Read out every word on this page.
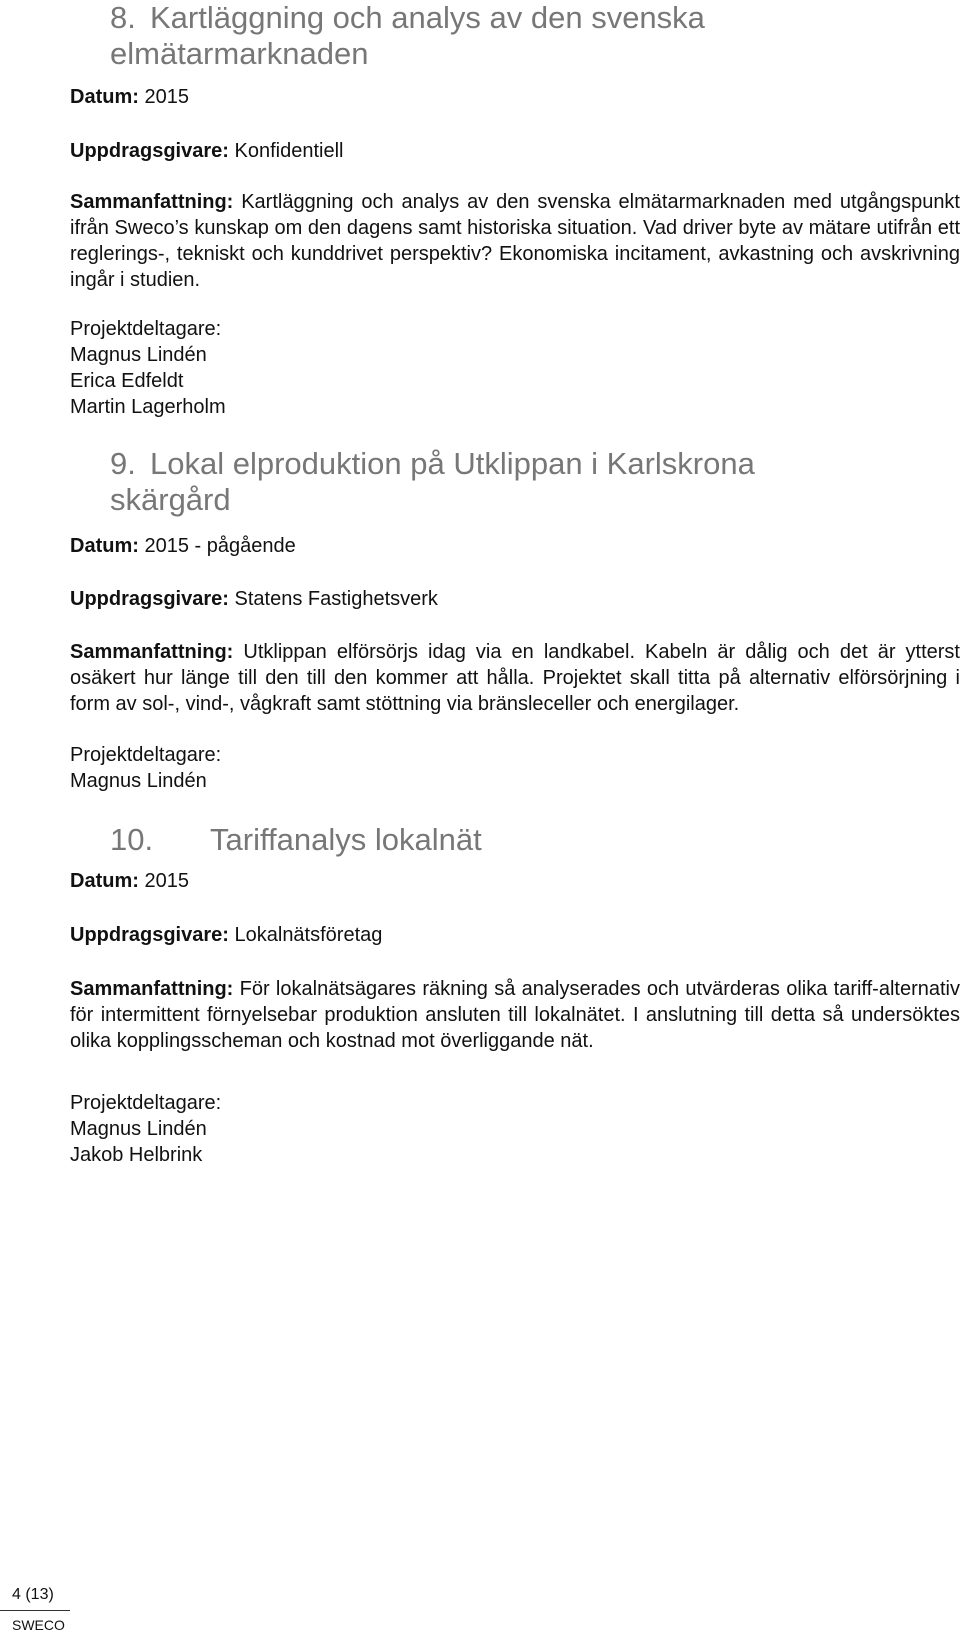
8. Kartläggning och analys av den svenska elmätarmarknaden
Datum: 2015
Uppdragsgivare: Konfidentiell
Sammanfattning: Kartläggning och analys av den svenska elmätarmarknaden med utgångspunkt ifrån Sweco’s kunskap om den dagens samt historiska situation. Vad driver byte av mätare utifrån ett reglerings-, tekniskt och kunddrivet perspektiv? Ekonomiska incitament, avkastning och avskrivning ingår i studien.
Projektdeltagare:
Magnus Lindén
Erica Edfeldt
Martin Lagerholm
9. Lokal elproduktion på Utklippan i Karlskrona skärgård
Datum: 2015 - pågående
Uppdragsgivare: Statens Fastighetsverk
Sammanfattning: Utklippan elförsörjs idag via en landkabel. Kabeln är dålig och det är ytterst osäkert hur länge till den till den kommer att hålla. Projektet skall titta på alternativ elförsörjning i form av sol-, vind-, vågkraft samt stöttning via bränsleceller och energilager.
Projektdeltagare:
Magnus Lindén
10. Tariffanalys lokalnät
Datum: 2015
Uppdragsgivare: Lokalnätsföretag
Sammanfattning: För lokalnätsägares räkning så analyserades och utvärderas olika tariff-alternativ för intermittent förnyelsebar produktion ansluten till lokalnätet. I anslutning till detta så undersöktes olika kopplingsscheman och kostnad mot överliggande nät.
Projektdeltagare:
Magnus Lindén
Jakob Helbrink
4 (13)
SWECO
